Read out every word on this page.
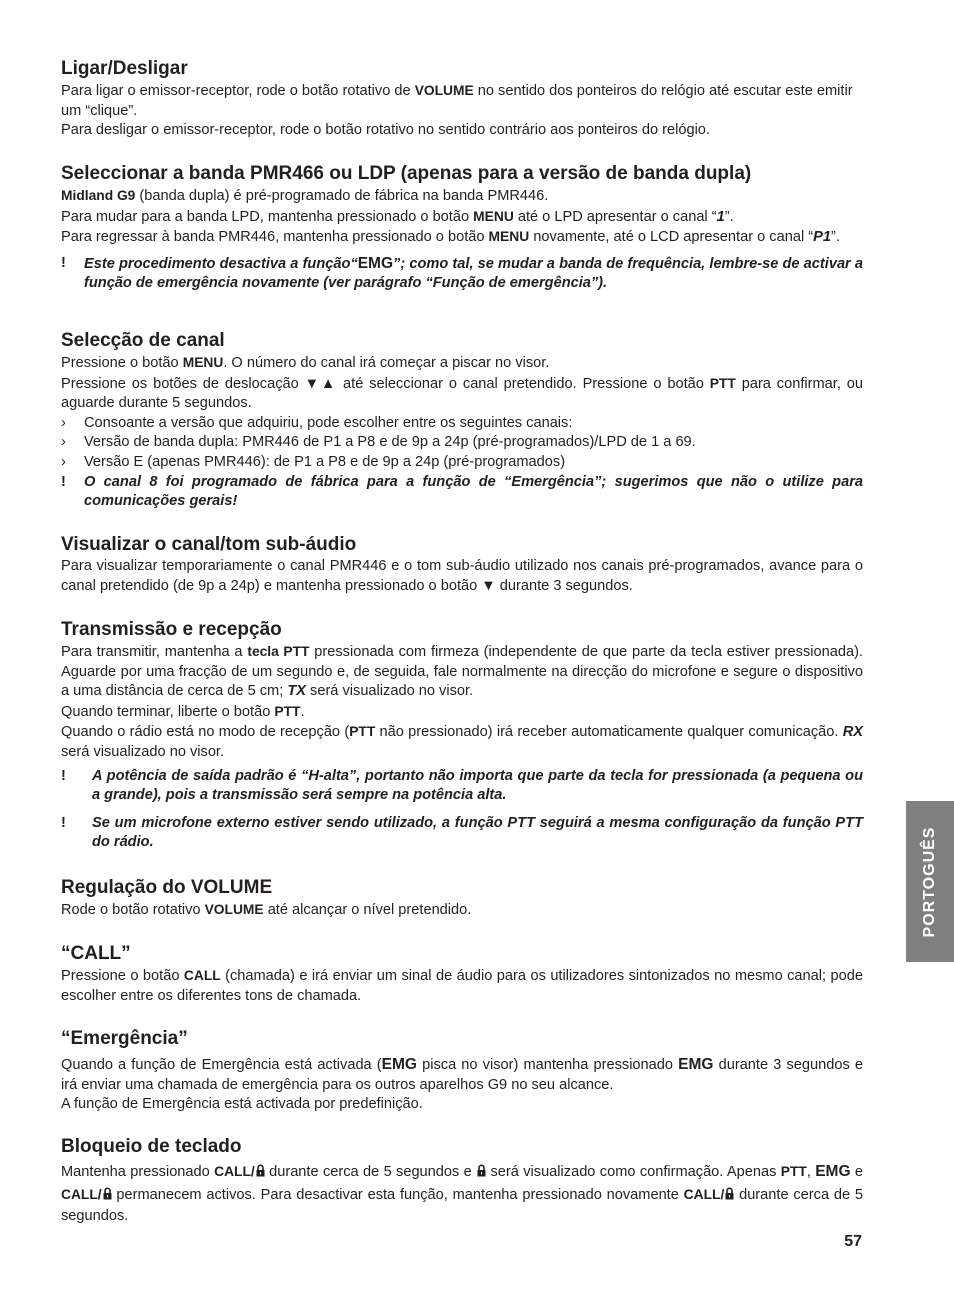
Ligar/Desligar

Para ligar o emissor-receptor, rode o botão rotativo de VOLUME no sentido dos ponteiros do relógio até escutar este emitir um “clique”.

Para desligar o emissor-receptor, rode o botão rotativo no sentido contrário aos ponteiros do relógio.

Seleccionar a banda PMR466 ou LDP (apenas para a versão de banda dupla)

Midland G9 (banda dupla) é pré-programado de fábrica na banda PMR446.

Para mudar para a banda LPD, mantenha pressionado o botão MENU até o LPD apresentar o canal “1”.

Para regressar à banda PMR446, mantenha pressionado o botão MENU novamente, até o LCD apresentar o canal “P1”.

!	Este procedimento desactiva a função“EMG”; como tal, se mudar a banda de frequência, lembre-se de activar a função de emergência novamente (ver parágrafo “Função de emergência”).
Selecção de canal

Pressione o botão MENU. O número do canal irá começar a piscar no visor.

Pressione os botões de deslocação ▼▲ até seleccionar o canal pretendido. Pressione o botão PTT para confirmar, ou aguarde durante 5 segundos.

›	Consoante a versão que adquiriu, pode escolher entre os seguintes canais:
›	Versão de banda dupla: PMR446 de P1 a P8 e de 9p a 24p (pré-programados)/LPD de 1 a 69.
›	Versão E (apenas PMR446): de P1 a P8 e de 9p a 24p (pré-programados)
!	O canal 8 foi programado de fábrica para a função de “Emergência”; sugerimos que não o utilize para comunicações gerais!
Visualizar o canal/tom sub-áudio

Para visualizar temporariamente o canal PMR446 e o tom sub-áudio utilizado nos canais pré-programados, avance para o canal pretendido (de 9p a 24p) e mantenha pressionado o botão ▼ durante 3 segundos.

Transmissão e recepção

Para transmitir, mantenha a tecla PTT pressionada com firmeza (independente de que parte da tecla estiver pressionada). Aguarde por uma fracção de um segundo e, de seguida, fale normalmente na direcção do microfone e segure o dispositivo a uma distância de cerca de 5 cm; TX será visualizado no visor.

Quando terminar, liberte o botão PTT.

Quando o rádio está no modo de recepção (PTT não pressionado) irá receber automaticamente qualquer comunicação. RX será visualizado no visor.

!	A potência de saída padrão é “H-alta”, portanto não importa que parte da tecla for pressionada (a pequena ou a grande), pois a transmissão será sempre na potência alta.
!	Se um microfone externo estiver sendo utilizado, a função PTT seguirá a mesma configuração da função PTT do rádio.
Regulação do VOLUME

Rode o botão rotativo VOLUME até alcançar o nível pretendido.

“CALL”

Pressione o botão CALL (chamada) e irá enviar um sinal de áudio para os utilizadores sintonizados no mesmo canal; pode escolher entre os diferentes tons de chamada.

“Emergência”

Quando a função de Emergência está activada (EMG pisca no visor) mantenha pressionado EMG durante 3 segundos e irá enviar uma chamada de emergência para os outros aparelhos G9 no seu alcance.

A função de Emergência está activada por predefinição.

Bloqueio de teclado

Mantenha pressionado CALL/
durante cerca de 5 segundos e
será visualizado como confirmação. Apenas PTT, EMG e CALL/
permanecem activos. Para desactivar esta função, mantenha pressionado novamente CALL/
durante cerca de 5 segundos.

PORTOGUÊS
57
